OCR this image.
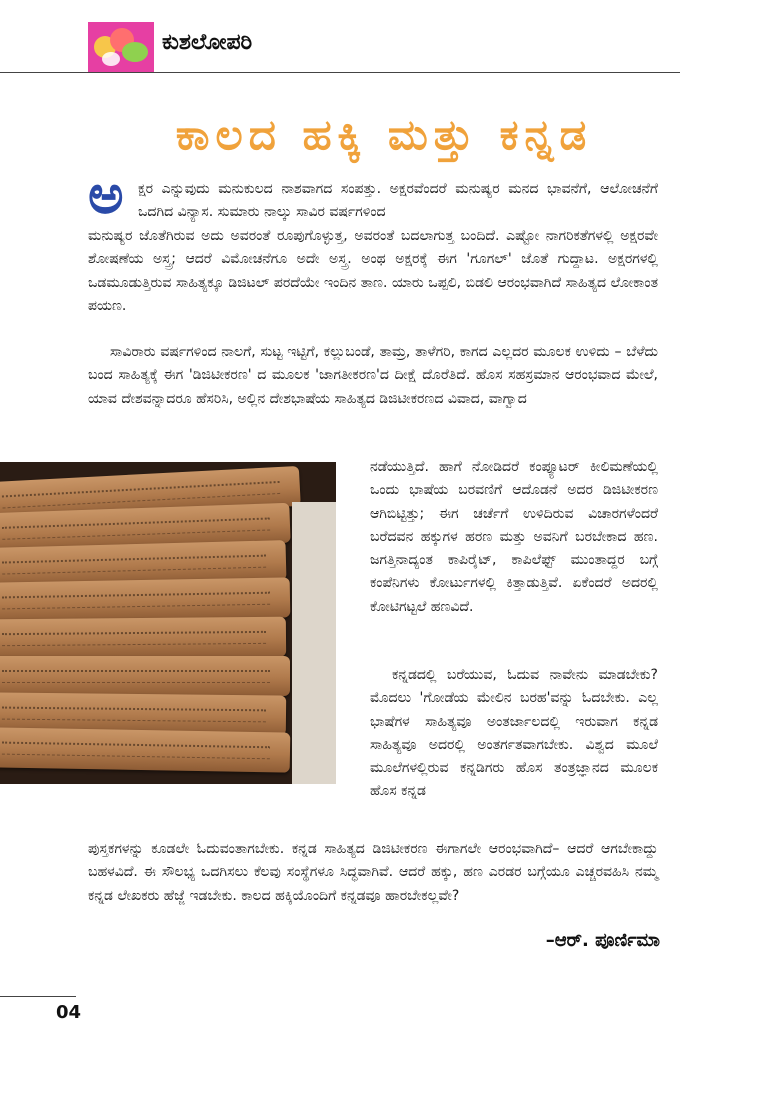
ಕುಶಲೋಪರಿ
ಕಾಲದ ಹಕ್ಕಿ ಮತ್ತು ಕನ್ನಡ
ಅ ಕ್ಷರ ಎನ್ನುವುದು ಮನುಕುಲದ ನಾಶವಾಗದ ಸಂಪತ್ತು. ಅಕ್ಷರವೆಂದರೆ ಮನುಷ್ಯರ ಮನದ ಭಾವನೆಗೆ, ಆಲೋಚನೆಗೆ ಒದಗಿದ ವಿನ್ಯಾಸ. ಸುಮಾರು ನಾಲ್ಕು ಸಾವಿರ ವರ್ಷಗಳಿಂದ
ಮನುಷ್ಯರ ಜೊತೆಗಿರುವ ಅದು ಅವರಂತೆ ರೂಪುಗೊಳ್ಳುತ್ತ, ಅವರಂತೆ ಬದಲಾಗುತ್ತ ಬಂದಿದೆ. ಎಷ್ಟೋ ನಾಗರಿಕತೆಗಳಲ್ಲಿ ಅಕ್ಷರವೇ ಶೋಷಣೆಯ ಅಸ್ತ್ರ; ಆದರೆ ವಿಮೋಚನೆಗೂ ಅದೇ ಅಸ್ತ್ರ. ಅಂಥ ಅಕ್ಷರಕ್ಕೆ ಈಗ 'ಗೂಗಲ್' ಜೊತೆ ಗುದ್ದಾಟ. ಅಕ್ಷರಗಳಲ್ಲಿ ಒಡಮೂಡುತ್ತಿರುವ ಸಾಹಿತ್ಯಕ್ಕೂ ಡಿಜಿಟಲ್ ಪರದೆಯೇ ಇಂದಿನ ತಾಣ. ಯಾರು ಒಪ್ಪಲಿ, ಬಿಡಲಿ ಆರಂಭವಾಗಿದೆ ಸಾಹಿತ್ಯದ ಲೋಕಾಂತ ಪಯಣ.
ಸಾವಿರಾರು ವರ್ಷಗಳಿಂದ ನಾಲಗೆ, ಸುಟ್ಟ ಇಟ್ಟಿಗೆ, ಕಲ್ಲುಬಂಡೆ, ತಾಮ್ರ, ತಾಳೆಗರಿ, ಕಾಗದ ಎಲ್ಲದರ ಮೂಲಕ ಉಳಿದು – ಬೆಳೆದು ಬಂದ ಸಾಹಿತ್ಯಕ್ಕೆ ಈಗ 'ಡಿಜಿಟೀಕರಣ' ದ ಮೂಲಕ 'ಜಾಗತೀಕರಣ'ದ ದೀಕ್ಷೆ ದೊರೆತಿದೆ. ಹೊಸ ಸಹಸ್ರಮಾನ ಆರಂಭವಾದ ಮೇಲೆ, ಯಾವ ದೇಶವನ್ನಾದರೂ ಹೆಸರಿಸಿ, ಅಲ್ಲಿನ ದೇಶಭಾಷೆಯ ಸಾಹಿತ್ಯದ ಡಿಜಿಟೀಕರಣದ ವಿವಾದ, ವಾಗ್ವಾದ
ನಡೆಯುತ್ತಿದೆ. ಹಾಗೆ ನೋಡಿದರೆ ಕಂಪ್ಯೂಟರ್ ಕೀಲಿಮಣೆಯಲ್ಲಿ ಒಂದು ಭಾಷೆಯ ಬರವಣಿಗೆ ಆದೊಡನೆ ಅದರ ಡಿಜಿಟೀಕರಣ ಆಗಿಬಿಟ್ಟಿತ್ತು; ಈಗ ಚರ್ಚೆಗೆ ಉಳಿದಿರುವ ವಿಚಾರಗಳೆಂದರೆ ಬರೆದವನ ಹಕ್ಕುಗಳ ಹರಣ ಮತ್ತು ಅವನಿಗೆ ಬರಬೇಕಾದ ಹಣ. ಜಗತ್ತಿನಾದ್ಯಂತ ಕಾಪಿರೈಟ್, ಕಾಪಿಲೆಫ್ಟ್ ಮುಂತಾದ್ದರ ಬಗ್ಗೆ ಕಂಪೆನಿಗಳು ಕೋರ್ಟುಗಳಲ್ಲಿ ಕಿತ್ತಾಡುತ್ತಿವೆ. ಏಕೆಂದರೆ ಅದರಲ್ಲಿ ಕೋಟಿಗಟ್ಟಲೆ ಹಣವಿದೆ.
ಕನ್ನಡದಲ್ಲಿ ಬರೆಯುವ, ಓದುವ ನಾವೇನು ಮಾಡಬೇಕು? ಮೊದಲು 'ಗೋಡೆಯ ಮೇಲಿನ ಬರಹ'ವನ್ನು ಓದಬೇಕು. ಎಲ್ಲ ಭಾಷೆಗಳ ಸಾಹಿತ್ಯವೂ ಅಂತರ್ಜಾಲದಲ್ಲಿ ಇರುವಾಗ ಕನ್ನಡ ಸಾಹಿತ್ಯವೂ ಅದರಲ್ಲಿ ಅಂತರ್ಗತವಾಗಬೇಕು. ವಿಶ್ವದ ಮೂಲೆ ಮೂಲೆಗಳಲ್ಲಿರುವ ಕನ್ನಡಿಗರು ಹೊಸ ತಂತ್ರಜ್ಞಾನದ ಮೂಲಕ ಹೊಸ ಕನ್ನಡ
ಪುಸ್ತಕಗಳನ್ನು ಕೂಡಲೇ ಓದುವಂತಾಗಬೇಕು. ಕನ್ನಡ ಸಾಹಿತ್ಯದ ಡಿಜಿಟೀಕರಣ ಈಗಾಗಲೇ ಆರಂಭವಾಗಿದೆ– ಆದರೆ ಆಗಬೇಕಾದ್ದು ಬಹಳವಿದೆ. ಈ ಸೌಲಭ್ಯ ಒದಗಿಸಲು ಕೆಲವು ಸಂಸ್ಥೆಗಳೂ ಸಿದ್ಧವಾಗಿವೆ. ಆದರೆ ಹಕ್ಕು, ಹಣ ಎರಡರ ಬಗ್ಗೆಯೂ ಎಚ್ಚರವಹಿಸಿ ನಮ್ಮ ಕನ್ನಡ ಲೇಖಕರು ಹೆಜ್ಜೆ ಇಡಬೇಕು. ಕಾಲದ ಹಕ್ಕಿಯೊಂದಿಗೆ ಕನ್ನಡವೂ ಹಾರಬೇಕಲ್ಲವೇ?
–ಆರ್. ಪೂರ್ಣಿಮಾ
04
